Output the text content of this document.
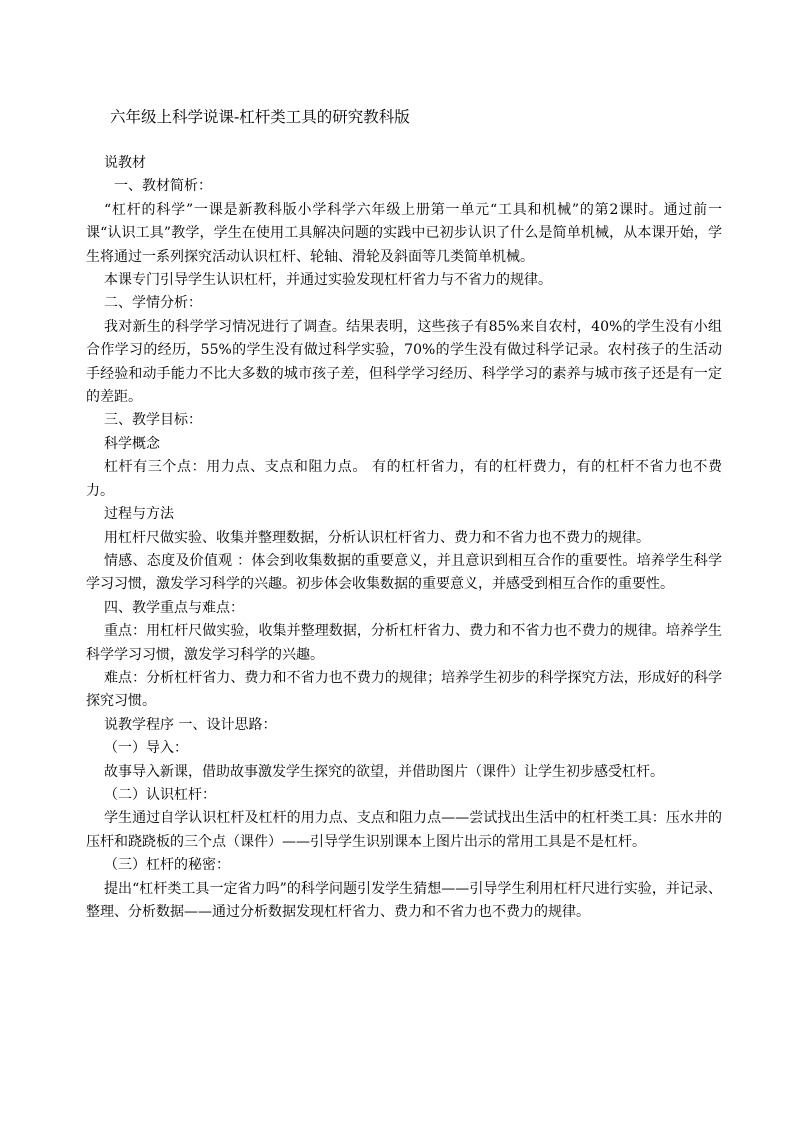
六年级上科学说课-杠杆类工具的研究教科版

说教材

一、教材简析：

“杠杆的科学”一课是新教科版小学科学六年级上册第一单元“工具和机械”的第2课时。通过前一课“认识工具”教学，学生在使用工具解决问题的实践中已初步认识了什么是简单机械，从本课开始，学生将通过一系列探究活动认识杠杆、轮轴、滑轮及斜面等几类简单机械。

本课专门引导学生认识杠杆，并通过实验发现杠杆省力与不省力的规律。

二、学情分析：

我对新生的科学学习情况进行了调查。结果表明，这些孩子有85%来自农村，40%的学生没有小组合作学习的经历，55%的学生没有做过科学实验，70%的学生没有做过科学记录。农村孩子的生活动手经验和动手能力不比大多数的城市孩子差，但科学学习经历、科学学习的素养与城市孩子还是有一定的差距。

三、教学目标：

科学概念

杠杆有三个点：用力点、支点和阻力点。 有的杠杆省力，有的杠杆费力，有的杠杆不省力也不费力。

过程与方法

用杠杆尺做实验、收集并整理数据，分析认识杠杆省力、费力和不省力也不费力的规律。

情感、态度及价值观 ：体会到收集数据的重要意义，并且意识到相互合作的重要性。培养学生科学学习习惯，激发学习科学的兴趣。初步体会收集数据的重要意义，并感受到相互合作的重要性。

四、教学重点与难点：

重点：用杠杆尺做实验，收集并整理数据，分析杠杆省力、费力和不省力也不费力的规律。培养学生科学学习习惯，激发学习科学的兴趣。

难点：分析杠杆省力、费力和不省力也不费力的规律；培养学生初步的科学探究方法，形成好的科学探究习惯。

说教学程序 一、设计思路：

（一）导入：

故事导入新课，借助故事激发学生探究的欲望，并借助图片（课件）让学生初步感受杠杆。

（二）认识杠杆：

学生通过自学认识杠杆及杠杆的用力点、支点和阻力点——尝试找出生活中的杠杆类工具：压水井的压杆和跷跷板的三个点（课件）——引导学生识别课本上图片出示的常用工具是不是杠杆。

（三）杠杆的秘密：

提出“杠杆类工具一定省力吗”的科学问题引发学生猜想——引导学生利用杠杆尺进行实验，并记录、整理、分析数据——通过分析数据发现杠杆省力、费力和不省力也不费力的规律。
